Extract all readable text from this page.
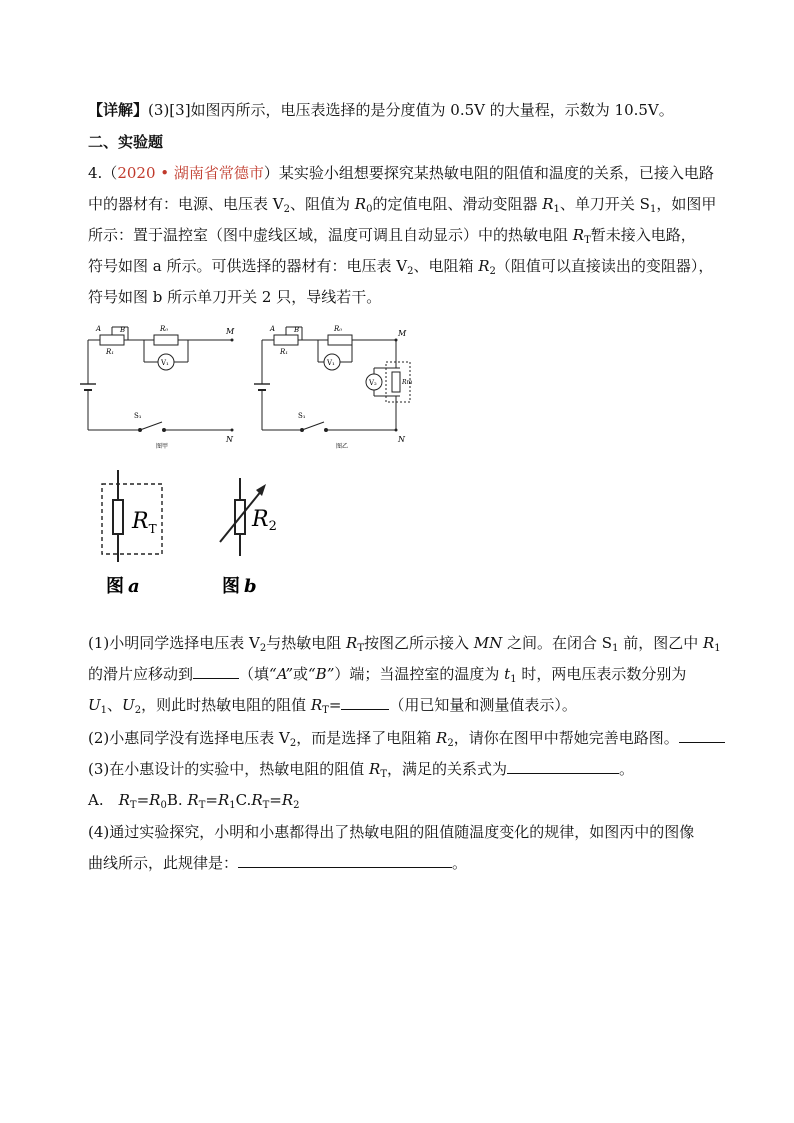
【详解】(3)[3]如图丙所示，电压表选择的是分度值为 0.5V 的大量程，示数为 10.5V。
二、实验题
4.（2020 • 湖南省常德市）某实验小组想要探究某热敏电阻的阻值和温度的关系，已接入电路
中的器材有：电源、电压表 $V_2$、阻值为 $R_0$的定值电阻、滑动变阻器 $R_1$、单刀开关 $S_1$，如图甲
所示：置于温控室（图中虚线区域，温度可调且自动显示）中的热敏电阻 $R_T$暂未接入电路，
符号如图 a 所示。可供选择的器材有：电压表 $V_2$、电阻箱 $R_2$（阻值可以直接读出的变阻器），
符号如图 b 所示单刀开关 2 只，导线若干。
A	B
R₁
R₀
V₁
M
N
S₁
图甲
A	B
R₁
R₀
V₁
V₂	Rт
M
N
S₁
图乙
$R_T$
图 a
R2
图 b
(1)小明同学选择电压表 $V_2$与热敏电阻 $R_T$按图乙所示接入 MN 之间。在闭合 $S_1$ 前，图乙中 $R_1$
的滑片应移动到	（填“A”或“B”）端；当温控室的温度为 $t_1$ 时，两电压表示数分别为
$U_1$、$U_2$，则此时热敏电阻的阻值 $R_T=$	（用已知量和测量值表示）。
(2)小惠同学没有选择电压表 $V_2$，而是选择了电阻箱 $R_2$，请你在图甲中帮她完善电路图。
(3)在小惠设计的实验中，热敏电阻的阻值 $R_T$，满足的关系式为	。
A.　$R_T=R_0B$. $R_T=R_1C.R_T=R_2$
(4)通过实验探究，小明和小惠都得出了热敏电阻的阻值随温度变化的规律，如图丙中的图像
曲线所示，此规律是：	。
